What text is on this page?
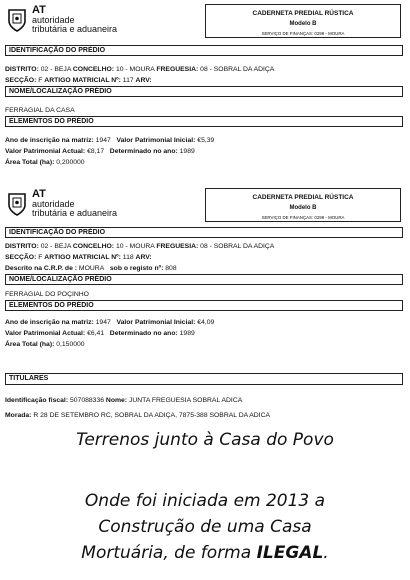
AT
autoridade
tributária e aduaneira
CADERNETA PREDIAL RÚSTICA
Modelo B
SERVIÇO DE FINANÇAS: 0299 - MOURA
IDENTIFICAÇÃO DO PRÉDIO
DISTRITO: 02 - BEJA CONCELHO: 10 - MOURA FREGUESIA: 08 - SOBRAL DA ADIÇA
SECÇÃO: F ARTIGO MATRICIAL Nº: 117 ARV:
NOME/LOCALIZAÇÃO PRÉDIO
FERRAGIAL DA CASA
ELEMENTOS DO PRÉDIO
Ano de inscrição na matriz: 1947 Valor Patrimonial Inicial: €5,39
Valor Patrimonial Actual: €8,17 Determinado no ano: 1989
Área Total (ha): 0,200000
AT
autoridade
tributária e aduaneira
CADERNETA PREDIAL RÚSTICA
Modelo B
SERVIÇO DE FINANÇAS: 0299 - MOURA
IDENTIFICAÇÃO DO PRÉDIO
DISTRITO: 02 - BEJA CONCELHO: 10 - MOURA FREGUESIA: 08 - SOBRAL DA ADIÇA
SECÇÃO: F ARTIGO MATRICIAL Nº: 118 ARV:
Descrito na C.R.P. de : MOURA sob o registo nº: 808
NOME/LOCALIZAÇÃO PRÉDIO
FERRAGIAL DO POÇINHO
ELEMENTOS DO PRÉDIO
Ano de inscrição na matriz: 1947 Valor Patrimonial Inicial: €4,09
Valor Patrimonial Actual: €6,41 Determinado no ano: 1989
Área Total (ha): 0,150000
TITULARES
Identificação fiscal: 507088336 Nome: JUNTA FREGUESIA SOBRAL ADICA
Morada: R 28 DE SETEMBRO RC, SOBRAL DA ADIÇA, 7875-388 SOBRAL DA ADICA
Terrenos junto à Casa do Povo
Onde foi iniciada em 2013 a
Construção de uma Casa
Mortuária, de forma ILEGAL.
